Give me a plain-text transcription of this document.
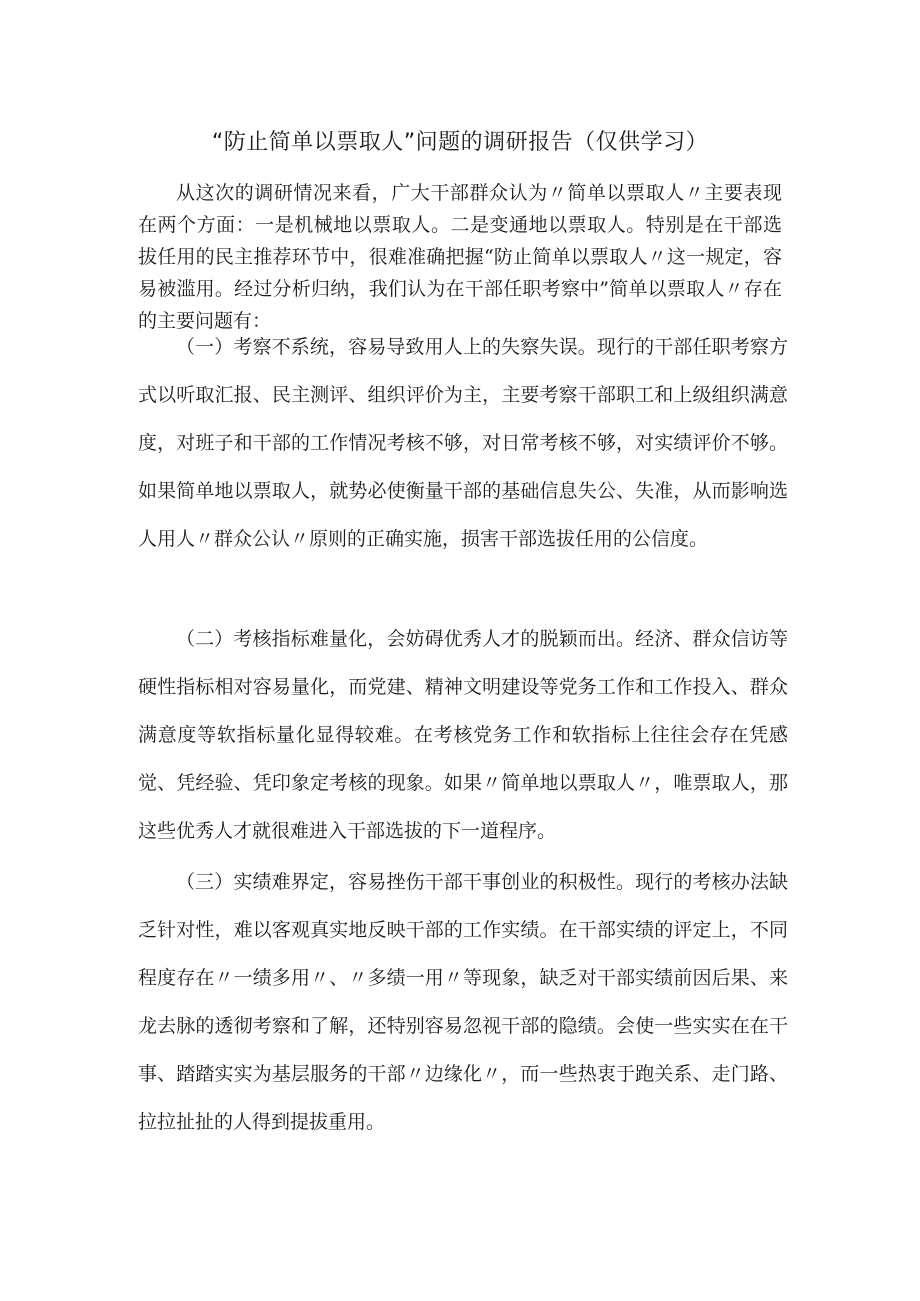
“防止简单以票取人”问题的调研报告（仅供学习）

从这次的调研情况来看，广大干部群众认为〃简单以票取人〃主要表现在两个方面：一是机械地以票取人。二是变通地以票取人。特别是在干部选拔任用的民主推荐环节中，很难准确把握“防止简单以票取人〃这一规定，容易被滥用。经过分析归纳，我们认为在干部任职考察中”简单以票取人〃存在的主要问题有：

（一）考察不系统，容易导致用人上的失察失误。现行的干部任职考察方式以听取汇报、民主测评、组织评价为主，主要考察干部职工和上级组织满意度，对班子和干部的工作情况考核不够，对日常考核不够，对实绩评价不够。如果简单地以票取人，就势必使衡量干部的基础信息失公、失准，从而影响选人用人〃群众公认〃原则的正确实施，损害干部选拔任用的公信度。

（二）考核指标难量化，会妨碍优秀人才的脱颖而出。经济、群众信访等硬性指标相对容易量化，而党建、精神文明建设等党务工作和工作投入、群众满意度等软指标量化显得较难。在考核党务工作和软指标上往往会存在凭感觉、凭经验、凭印象定考核的现象。如果〃简单地以票取人〃，唯票取人，那这些优秀人才就很难进入干部选拔的下一道程序。

（三）实绩难界定，容易挫伤干部干事创业的积极性。现行的考核办法缺乏针对性，难以客观真实地反映干部的工作实绩。在干部实绩的评定上，不同程度存在〃一绩多用〃、〃多绩一用〃等现象，缺乏对干部实绩前因后果、来龙去脉的透彻考察和了解，还特别容易忽视干部的隐绩。会使一些实实在在干事、踏踏实实为基层服务的干部〃边缘化〃，而一些热衷于跑关系、走门路、拉拉扯扯的人得到提拔重用。
